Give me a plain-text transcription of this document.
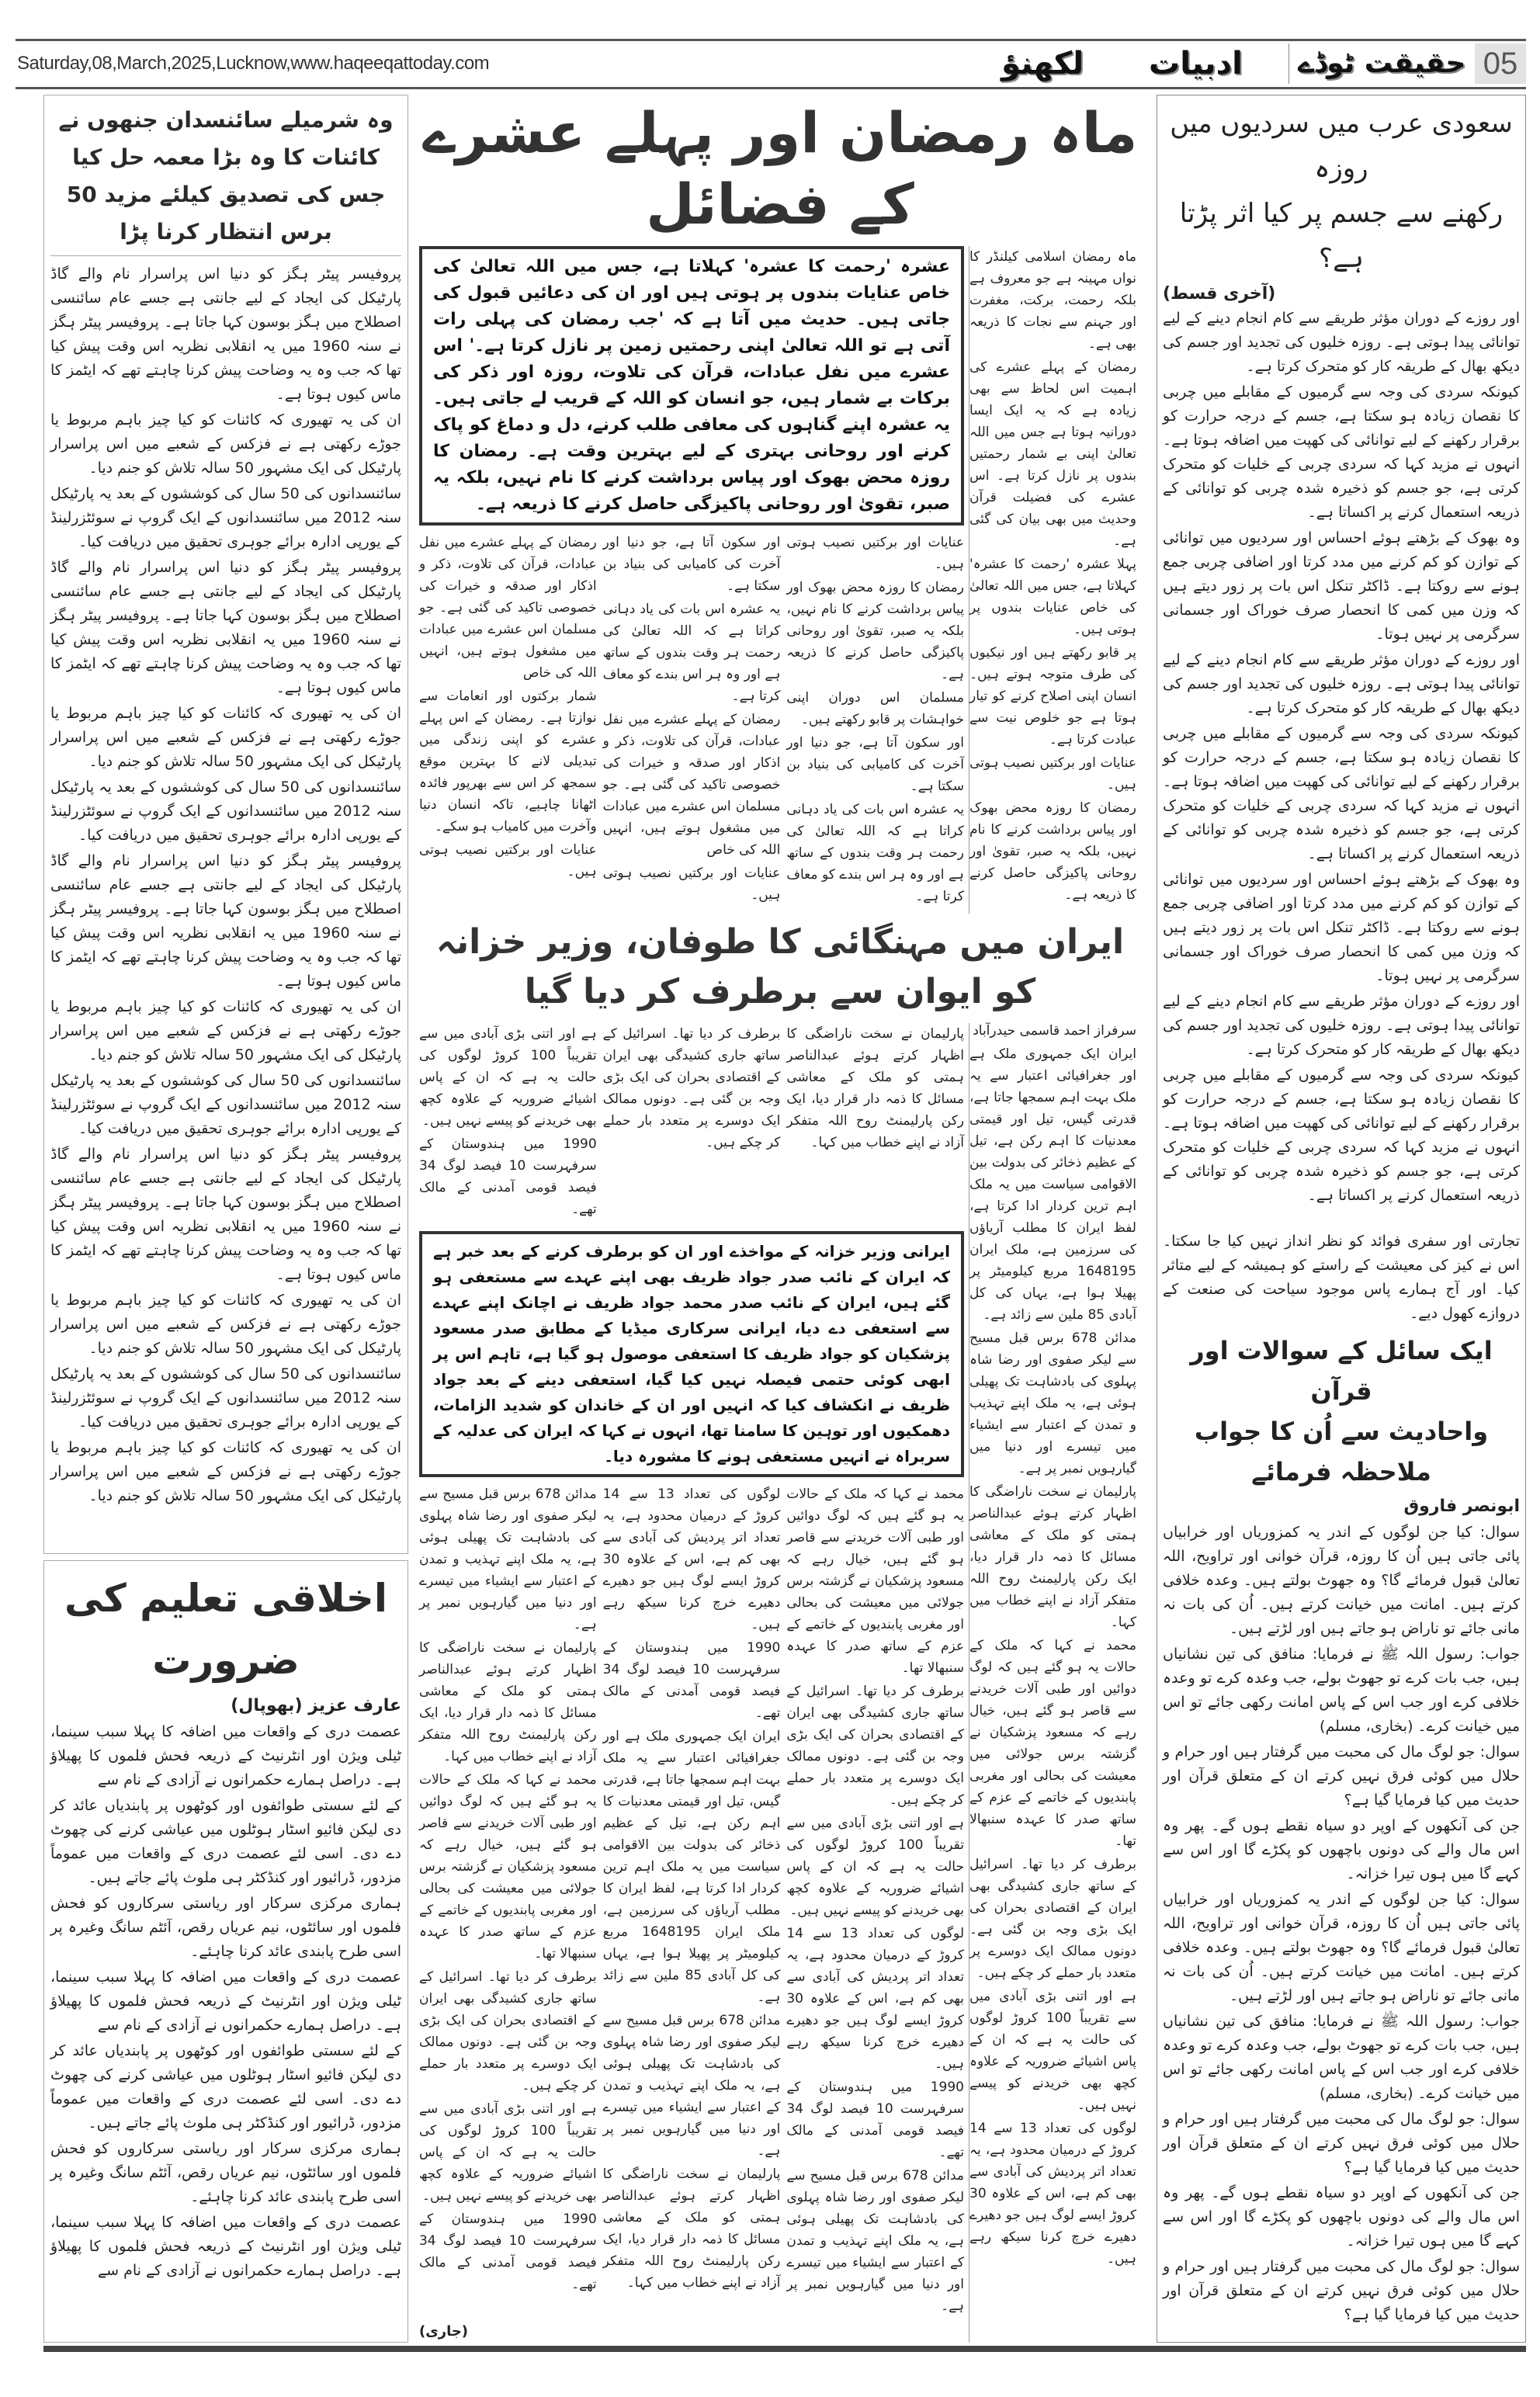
Saturday,08,March,2025,Lucknow,www.haqeeqattoday.com	لکھنؤ ادبیات حقیقت ٹوڈے 05
وہ شرمیلے سائنسدان جنھوں نے کائنات کا وہ بڑا معمہ حل کیا
جس کی تصدیق کیلئے مزید 50 برس انتظار کرنا پڑا

پروفیسر پیٹر ہگز کو دنیا اس پراسرار نام والے گاڈ پارٹیکل کی ایجاد کے لیے جانتی ہے جسے عام سائنسی اصطلاح میں ہگز بوسون کہا جاتا ہے۔ پروفیسر پیٹر ہگز نے سنہ 1960 میں یہ انقلابی نظریہ اس وقت پیش کیا تھا کہ جب وہ یہ وضاحت پیش کرنا چاہتے تھے کہ ایٹمز کا ماس کیوں ہوتا ہے۔

ان کی یہ تھیوری کہ کائنات کو کیا چیز باہم مربوط یا جوڑے رکھتی ہے نے فزکس کے شعبے میں اس پراسرار پارٹیکل کی ایک مشہور 50 سالہ تلاش کو جنم دیا۔

سائنسدانوں کی 50 سال کی کوششوں کے بعد یہ پارٹیکل سنہ 2012 میں سائنسدانوں کے ایک گروپ نے سوئٹزرلینڈ کے یورپی ادارہ برائے جوہری تحقیق میں دریافت کیا۔

پروفیسر پیٹر ہگز کو دنیا اس پراسرار نام والے گاڈ پارٹیکل کی ایجاد کے لیے جانتی ہے جسے عام سائنسی اصطلاح میں ہگز بوسون کہا جاتا ہے۔ پروفیسر پیٹر ہگز نے سنہ 1960 میں یہ انقلابی نظریہ اس وقت پیش کیا تھا کہ جب وہ یہ وضاحت پیش کرنا چاہتے تھے کہ ایٹمز کا ماس کیوں ہوتا ہے۔

ان کی یہ تھیوری کہ کائنات کو کیا چیز باہم مربوط یا جوڑے رکھتی ہے نے فزکس کے شعبے میں اس پراسرار پارٹیکل کی ایک مشہور 50 سالہ تلاش کو جنم دیا۔

سائنسدانوں کی 50 سال کی کوششوں کے بعد یہ پارٹیکل سنہ 2012 میں سائنسدانوں کے ایک گروپ نے سوئٹزرلینڈ کے یورپی ادارہ برائے جوہری تحقیق میں دریافت کیا۔

پروفیسر پیٹر ہگز کو دنیا اس پراسرار نام والے گاڈ پارٹیکل کی ایجاد کے لیے جانتی ہے جسے عام سائنسی اصطلاح میں ہگز بوسون کہا جاتا ہے۔ پروفیسر پیٹر ہگز نے سنہ 1960 میں یہ انقلابی نظریہ اس وقت پیش کیا تھا کہ جب وہ یہ وضاحت پیش کرنا چاہتے تھے کہ ایٹمز کا ماس کیوں ہوتا ہے۔

ان کی یہ تھیوری کہ کائنات کو کیا چیز باہم مربوط یا جوڑے رکھتی ہے نے فزکس کے شعبے میں اس پراسرار پارٹیکل کی ایک مشہور 50 سالہ تلاش کو جنم دیا۔

سائنسدانوں کی 50 سال کی کوششوں کے بعد یہ پارٹیکل سنہ 2012 میں سائنسدانوں کے ایک گروپ نے سوئٹزرلینڈ کے یورپی ادارہ برائے جوہری تحقیق میں دریافت کیا۔

پروفیسر پیٹر ہگز کو دنیا اس پراسرار نام والے گاڈ پارٹیکل کی ایجاد کے لیے جانتی ہے جسے عام سائنسی اصطلاح میں ہگز بوسون کہا جاتا ہے۔ پروفیسر پیٹر ہگز نے سنہ 1960 میں یہ انقلابی نظریہ اس وقت پیش کیا تھا کہ جب وہ یہ وضاحت پیش کرنا چاہتے تھے کہ ایٹمز کا ماس کیوں ہوتا ہے۔

ان کی یہ تھیوری کہ کائنات کو کیا چیز باہم مربوط یا جوڑے رکھتی ہے نے فزکس کے شعبے میں اس پراسرار پارٹیکل کی ایک مشہور 50 سالہ تلاش کو جنم دیا۔

سائنسدانوں کی 50 سال کی کوششوں کے بعد یہ پارٹیکل سنہ 2012 میں سائنسدانوں کے ایک گروپ نے سوئٹزرلینڈ کے یورپی ادارہ برائے جوہری تحقیق میں دریافت کیا۔

ان کی یہ تھیوری کہ کائنات کو کیا چیز باہم مربوط یا جوڑے رکھتی ہے نے فزکس کے شعبے میں اس پراسرار پارٹیکل کی ایک مشہور 50 سالہ تلاش کو جنم دیا۔

اخلاقی تعلیم کی ضرورت
عارف عزیز (بھوپال)

عصمت دری کے واقعات میں اضافہ کا پہلا سبب سینما، ٹیلی ویژن اور انٹرنیٹ کے ذریعہ فحش فلموں کا پھیلاؤ ہے۔ دراصل ہمارے حکمرانوں نے آزادی کے نام سے

کے لئے سستی طوائفوں اور کوٹھوں پر پابندیاں عائد کر دی لیکن فائیو اسٹار ہوٹلوں میں عیاشی کرنے کی چھوٹ دے دی۔ اسی لئے عصمت دری کے واقعات میں عموماً مزدور، ڈرائیور اور کنڈکٹر ہی ملوث پائے جاتے ہیں۔

ہماری مرکزی سرکار اور ریاستی سرکاروں کو فحش فلموں اور سائٹوں، نیم عریاں رقص، آئٹم سانگ وغیرہ پر اسی طرح پابندی عائد کرنا چاہئے۔

عصمت دری کے واقعات میں اضافہ کا پہلا سبب سینما، ٹیلی ویژن اور انٹرنیٹ کے ذریعہ فحش فلموں کا پھیلاؤ ہے۔ دراصل ہمارے حکمرانوں نے آزادی کے نام سے

کے لئے سستی طوائفوں اور کوٹھوں پر پابندیاں عائد کر دی لیکن فائیو اسٹار ہوٹلوں میں عیاشی کرنے کی چھوٹ دے دی۔ اسی لئے عصمت دری کے واقعات میں عموماً مزدور، ڈرائیور اور کنڈکٹر ہی ملوث پائے جاتے ہیں۔

ہماری مرکزی سرکار اور ریاستی سرکاروں کو فحش فلموں اور سائٹوں، نیم عریاں رقص، آئٹم سانگ وغیرہ پر اسی طرح پابندی عائد کرنا چاہئے۔

عصمت دری کے واقعات میں اضافہ کا پہلا سبب سینما، ٹیلی ویژن اور انٹرنیٹ کے ذریعہ فحش فلموں کا پھیلاؤ ہے۔ دراصل ہمارے حکمرانوں نے آزادی کے نام سے

ماہ رمضان اور پہلے عشرے کے فضائل

ماہ رمضان اسلامی کیلنڈر کا نواں مہینہ ہے جو معروف ہے بلکہ رحمت، برکت، مغفرت اور جہنم سے نجات کا ذریعہ بھی ہے۔

رمضان کے پہلے عشرے کی اہمیت اس لحاظ سے بھی زیادہ ہے کہ یہ ایک ایسا دورانیہ ہوتا ہے جس میں اللہ تعالیٰ اپنی بے شمار رحمتیں بندوں پر نازل کرتا ہے۔ اس عشرے کی فضیلت قرآن وحدیث میں بھی بیان کی گئی ہے۔

پہلا عشرہ 'رحمت کا عشرہ' کہلاتا ہے، جس میں اللہ تعالیٰ کی خاص عنایات بندوں پر ہوتی ہیں۔

پر قابو رکھتے ہیں اور نیکیوں کی طرف متوجہ ہوتے ہیں۔ انسان اپنی اصلاح کرنے کو تیار ہوتا ہے جو خلوص نیت سے عبادت کرتا ہے۔

عنایات اور برکتیں نصیب ہوتی ہیں۔

رمضان کا روزہ محض بھوک اور پیاس برداشت کرنے کا نام نہیں، بلکہ یہ صبر، تقویٰ اور روحانی پاکیزگی حاصل کرنے کا ذریعہ ہے۔

عشرہ 'رحمت کا عشرہ' کہلاتا ہے، جس میں اللہ تعالیٰ کی خاص عنایات بندوں پر ہوتی ہیں اور ان کی دعائیں قبول کی جاتی ہیں۔ حدیث میں آتا ہے کہ 'جب رمضان کی پہلی رات آتی ہے تو اللہ تعالیٰ اپنی رحمتیں زمین پر نازل کرتا ہے۔' اس عشرے میں نفل عبادات، قرآن کی تلاوت، روزہ اور ذکر کی برکات بے شمار ہیں، جو انسان کو اللہ کے قریب لے جاتی ہیں۔ یہ عشرہ اپنے گناہوں کی معافی طلب کرنے، دل و دماغ کو پاک کرنے اور روحانی بہتری کے لیے بہترین وقت ہے۔ رمضان کا روزہ محض بھوک اور پیاس برداشت کرنے کا نام نہیں، بلکہ یہ صبر، تقویٰ اور روحانی پاکیزگی حاصل کرنے کا ذریعہ ہے۔

عنایات اور برکتیں نصیب ہوتی ہیں۔

رمضان کا روزہ محض بھوک اور پیاس برداشت کرنے کا نام نہیں، بلکہ یہ صبر، تقویٰ اور روحانی پاکیزگی حاصل کرنے کا ذریعہ ہے۔

مسلمان اس دوران اپنی خواہشات پر قابو رکھتے ہیں۔

اور سکون آتا ہے، جو دنیا اور آخرت کی کامیابی کی بنیاد بن سکتا ہے۔

یہ عشرہ اس بات کی یاد دہانی کراتا ہے کہ اللہ تعالیٰ کی رحمت ہر وقت بندوں کے ساتھ ہے اور وہ ہر اس بندے کو معاف کرتا ہے۔

اور سکون آتا ہے، جو دنیا اور آخرت کی کامیابی کی بنیاد بن سکتا ہے۔

یہ عشرہ اس بات کی یاد دہانی کراتا ہے کہ اللہ تعالیٰ کی رحمت ہر وقت بندوں کے ساتھ ہے اور وہ ہر اس بندے کو معاف کرتا ہے۔

رمضان کے پہلے عشرے میں نفل عبادات، قرآن کی تلاوت، ذکر و اذکار اور صدقہ و خیرات کی خصوصی تاکید کی گئی ہے۔ جو مسلمان اس عشرے میں عبادات میں مشغول ہوتے ہیں، انہیں اللہ کی خاص

عنایات اور برکتیں نصیب ہوتی ہیں۔

رمضان کے پہلے عشرے میں نفل عبادات، قرآن کی تلاوت، ذکر و اذکار اور صدقہ و خیرات کی خصوصی تاکید کی گئی ہے۔ جو مسلمان اس عشرے میں عبادات میں مشغول ہوتے ہیں، انہیں اللہ کی خاص

شمار برکتوں اور انعامات سے نوازتا ہے۔ رمضان کے اس پہلے عشرے کو اپنی زندگی میں تبدیلی لانے کا بہترین موقع سمجھ کر اس سے بھرپور فائدہ اٹھانا چاہیے، تاکہ انسان دنیا وآخرت میں کامیاب ہو سکے۔

عنایات اور برکتیں نصیب ہوتی ہیں۔

ایران میں مہنگائی کا طوفان، وزیر خزانہ کو ایوان سے برطرف کر دیا گیا
سرفراز احمد قاسمی حیدرآباد

ایران ایک جمہوری ملک ہے اور جغرافیائی اعتبار سے یہ ملک بہت اہم سمجھا جاتا ہے، قدرتی گیس، تیل اور قیمتی معدنیات کا اہم رکن ہے، تیل کے عظیم ذخائر کی بدولت بین الاقوامی سیاست میں یہ ملک اہم ترین کردار ادا کرتا ہے، لفظ ایران کا مطلب آریاؤں کی سرزمین ہے، ملک ایران 1648195 مربع کیلومیٹر پر پھیلا ہوا ہے، یہاں کی کل آبادی 85 ملین سے زائد ہے۔

مدائن 678 برس قبل مسیح سے لیکر صفوی اور رضا شاہ پہلوی کی بادشاہت تک پھیلی ہوئی ہے، یہ ملک اپنے تہذیب و تمدن کے اعتبار سے ایشیاء میں تیسرے اور دنیا میں گیارہویں نمبر پر ہے۔

پارلیمان نے سخت ناراضگی کا اظہار کرتے ہوئے عبدالناصر ہمتی کو ملک کے معاشی مسائل کا ذمہ دار قرار دیا، ایک رکن پارلیمنٹ روح اللہ متفکر آزاد نے اپنے خطاب میں کہا۔

محمد نے کہا کہ ملک کے حالات یہ ہو گئے ہیں کہ لوگ دوائیں اور طبی آلات خریدنے سے قاصر ہو گئے ہیں، خیال رہے کہ مسعود پزشکیان نے گزشتہ برس جولائی میں معیشت کی بحالی اور مغربی پابندیوں کے خاتمے کے عزم کے ساتھ صدر کا عہدہ سنبھالا تھا۔

برطرف کر دیا تھا۔ اسرائیل کے ساتھ جاری کشیدگی بھی ایران کے اقتصادی بحران کی ایک بڑی وجہ بن گئی ہے۔ دونوں ممالک ایک دوسرے پر متعدد بار حملے کر چکے ہیں۔

ہے اور اتنی بڑی آبادی میں سے تقریباً 100 کروڑ لوگوں کی حالت یہ ہے کہ ان کے پاس اشیائے ضروریہ کے علاوہ کچھ بھی خریدنے کو پیسے نہیں ہیں۔

لوگوں کی تعداد 13 سے 14 کروڑ کے درمیان محدود ہے، یہ تعداد اتر پردیش کی آبادی سے بھی کم ہے، اس کے علاوہ 30 کروڑ ایسے لوگ ہیں جو دھیرے دھیرے خرچ کرنا سیکھ رہے ہیں۔

پارلیمان نے سخت ناراضگی کا اظہار کرتے ہوئے عبدالناصر ہمتی کو ملک کے معاشی مسائل کا ذمہ دار قرار دیا، ایک رکن پارلیمنٹ روح اللہ متفکر آزاد نے اپنے خطاب میں کہا۔

برطرف کر دیا تھا۔ اسرائیل کے ساتھ جاری کشیدگی بھی ایران کے اقتصادی بحران کی ایک بڑی وجہ بن گئی ہے۔ دونوں ممالک ایک دوسرے پر متعدد بار حملے کر چکے ہیں۔

ہے اور اتنی بڑی آبادی میں سے تقریباً 100 کروڑ لوگوں کی حالت یہ ہے کہ ان کے پاس اشیائے ضروریہ کے علاوہ کچھ بھی خریدنے کو پیسے نہیں ہیں۔

1990 میں ہندوستان کے سرفہرست 10 فیصد لوگ 34 فیصد قومی آمدنی کے مالک تھے۔

ایرانی وزیر خزانہ کے مواخذے اور ان کو برطرف کرنے کے بعد خبر ہے کہ ایران کے نائب صدر جواد ظریف بھی اپنے عہدے سے مستعفی ہو گئے ہیں، ایران کے نائب صدر محمد جواد ظریف نے اچانک اپنے عہدے سے استعفی دے دیا، ایرانی سرکاری میڈیا کے مطابق صدر مسعود پزشکیان کو جواد ظریف کا استعفی موصول ہو گیا ہے، تاہم اس پر ابھی کوئی حتمی فیصلہ نہیں کیا گیا، استعفی دینے کے بعد جواد ظریف نے انکشاف کیا کہ انہیں اور ان کے خاندان کو شدید الزامات، دھمکیوں اور توہین کا سامنا تھا، انہوں نے کہا کہ ایران کی عدلیہ کے سربراہ نے انہیں مستعفی ہونے کا مشورہ دیا۔

محمد نے کہا کہ ملک کے حالات یہ ہو گئے ہیں کہ لوگ دوائیں اور طبی آلات خریدنے سے قاصر ہو گئے ہیں، خیال رہے کہ مسعود پزشکیان نے گزشتہ برس جولائی میں معیشت کی بحالی اور مغربی پابندیوں کے خاتمے کے عزم کے ساتھ صدر کا عہدہ سنبھالا تھا۔

برطرف کر دیا تھا۔ اسرائیل کے ساتھ جاری کشیدگی بھی ایران کے اقتصادی بحران کی ایک بڑی وجہ بن گئی ہے۔ دونوں ممالک ایک دوسرے پر متعدد بار حملے کر چکے ہیں۔

ہے اور اتنی بڑی آبادی میں سے تقریباً 100 کروڑ لوگوں کی حالت یہ ہے کہ ان کے پاس اشیائے ضروریہ کے علاوہ کچھ بھی خریدنے کو پیسے نہیں ہیں۔

لوگوں کی تعداد 13 سے 14 کروڑ کے درمیان محدود ہے، یہ تعداد اتر پردیش کی آبادی سے بھی کم ہے، اس کے علاوہ 30 کروڑ ایسے لوگ ہیں جو دھیرے دھیرے خرچ کرنا سیکھ رہے ہیں۔

1990 میں ہندوستان کے سرفہرست 10 فیصد لوگ 34 فیصد قومی آمدنی کے مالک تھے۔

مدائن 678 برس قبل مسیح سے لیکر صفوی اور رضا شاہ پہلوی کی بادشاہت تک پھیلی ہوئی ہے، یہ ملک اپنے تہذیب و تمدن کے اعتبار سے ایشیاء میں تیسرے اور دنیا میں گیارہویں نمبر پر ہے۔

لوگوں کی تعداد 13 سے 14 کروڑ کے درمیان محدود ہے، یہ تعداد اتر پردیش کی آبادی سے بھی کم ہے، اس کے علاوہ 30 کروڑ ایسے لوگ ہیں جو دھیرے دھیرے خرچ کرنا سیکھ رہے ہیں۔

1990 میں ہندوستان کے سرفہرست 10 فیصد لوگ 34 فیصد قومی آمدنی کے مالک تھے۔

ایران ایک جمہوری ملک ہے اور جغرافیائی اعتبار سے یہ ملک بہت اہم سمجھا جاتا ہے، قدرتی گیس، تیل اور قیمتی معدنیات کا اہم رکن ہے، تیل کے عظیم ذخائر کی بدولت بین الاقوامی سیاست میں یہ ملک اہم ترین کردار ادا کرتا ہے، لفظ ایران کا مطلب آریاؤں کی سرزمین ہے، ملک ایران 1648195 مربع کیلومیٹر پر پھیلا ہوا ہے، یہاں کی کل آبادی 85 ملین سے زائد ہے۔

مدائن 678 برس قبل مسیح سے لیکر صفوی اور رضا شاہ پہلوی کی بادشاہت تک پھیلی ہوئی ہے، یہ ملک اپنے تہذیب و تمدن کے اعتبار سے ایشیاء میں تیسرے اور دنیا میں گیارہویں نمبر پر ہے۔

پارلیمان نے سخت ناراضگی کا اظہار کرتے ہوئے عبدالناصر ہمتی کو ملک کے معاشی مسائل کا ذمہ دار قرار دیا، ایک رکن پارلیمنٹ روح اللہ متفکر آزاد نے اپنے خطاب میں کہا۔

مدائن 678 برس قبل مسیح سے لیکر صفوی اور رضا شاہ پہلوی کی بادشاہت تک پھیلی ہوئی ہے، یہ ملک اپنے تہذیب و تمدن کے اعتبار سے ایشیاء میں تیسرے اور دنیا میں گیارہویں نمبر پر ہے۔

پارلیمان نے سخت ناراضگی کا اظہار کرتے ہوئے عبدالناصر ہمتی کو ملک کے معاشی مسائل کا ذمہ دار قرار دیا، ایک رکن پارلیمنٹ روح اللہ متفکر آزاد نے اپنے خطاب میں کہا۔

محمد نے کہا کہ ملک کے حالات یہ ہو گئے ہیں کہ لوگ دوائیں اور طبی آلات خریدنے سے قاصر ہو گئے ہیں، خیال رہے کہ مسعود پزشکیان نے گزشتہ برس جولائی میں معیشت کی بحالی اور مغربی پابندیوں کے خاتمے کے عزم کے ساتھ صدر کا عہدہ سنبھالا تھا۔

برطرف کر دیا تھا۔ اسرائیل کے ساتھ جاری کشیدگی بھی ایران کے اقتصادی بحران کی ایک بڑی وجہ بن گئی ہے۔ دونوں ممالک ایک دوسرے پر متعدد بار حملے کر چکے ہیں۔

ہے اور اتنی بڑی آبادی میں سے تقریباً 100 کروڑ لوگوں کی حالت یہ ہے کہ ان کے پاس اشیائے ضروریہ کے علاوہ کچھ بھی خریدنے کو پیسے نہیں ہیں۔

1990 میں ہندوستان کے سرفہرست 10 فیصد لوگ 34 فیصد قومی آمدنی کے مالک تھے۔

(جاری)
سعودی عرب میں سردیوں میں روزہ
رکھنے سے جسم پر کیا اثر پڑتا ہے؟
(آخری قسط)

اور روزے کے دوران مؤثر طریقے سے کام انجام دینے کے لیے توانائی پیدا ہوتی ہے۔ روزہ خلیوں کی تجدید اور جسم کی دیکھ بھال کے طریقہ کار کو متحرک کرتا ہے۔

کیونکہ سردی کی وجہ سے گرمیوں کے مقابلے میں چربی کا نقصان زیادہ ہو سکتا ہے، جسم کے درجہ حرارت کو برقرار رکھنے کے لیے توانائی کی کھپت میں اضافہ ہوتا ہے۔ انہوں نے مزید کہا کہ سردی چربی کے خلیات کو متحرک کرتی ہے، جو جسم کو ذخیرہ شدہ چربی کو توانائی کے ذریعہ استعمال کرنے پر اکساتا ہے۔

وہ بھوک کے بڑھتے ہوئے احساس اور سردیوں میں توانائی کے توازن کو کم کرنے میں مدد کرتا اور اضافی چربی جمع ہونے سے روکتا ہے۔ ڈاکٹر تنکل اس بات پر زور دیتے ہیں کہ وزن میں کمی کا انحصار صرف خوراک اور جسمانی سرگرمی پر نہیں ہوتا۔

اور روزے کے دوران مؤثر طریقے سے کام انجام دینے کے لیے توانائی پیدا ہوتی ہے۔ روزہ خلیوں کی تجدید اور جسم کی دیکھ بھال کے طریقہ کار کو متحرک کرتا ہے۔

کیونکہ سردی کی وجہ سے گرمیوں کے مقابلے میں چربی کا نقصان زیادہ ہو سکتا ہے، جسم کے درجہ حرارت کو برقرار رکھنے کے لیے توانائی کی کھپت میں اضافہ ہوتا ہے۔ انہوں نے مزید کہا کہ سردی چربی کے خلیات کو متحرک کرتی ہے، جو جسم کو ذخیرہ شدہ چربی کو توانائی کے ذریعہ استعمال کرنے پر اکساتا ہے۔

وہ بھوک کے بڑھتے ہوئے احساس اور سردیوں میں توانائی کے توازن کو کم کرنے میں مدد کرتا اور اضافی چربی جمع ہونے سے روکتا ہے۔ ڈاکٹر تنکل اس بات پر زور دیتے ہیں کہ وزن میں کمی کا انحصار صرف خوراک اور جسمانی سرگرمی پر نہیں ہوتا۔

اور روزے کے دوران مؤثر طریقے سے کام انجام دینے کے لیے توانائی پیدا ہوتی ہے۔ روزہ خلیوں کی تجدید اور جسم کی دیکھ بھال کے طریقہ کار کو متحرک کرتا ہے۔

کیونکہ سردی کی وجہ سے گرمیوں کے مقابلے میں چربی کا نقصان زیادہ ہو سکتا ہے، جسم کے درجہ حرارت کو برقرار رکھنے کے لیے توانائی کی کھپت میں اضافہ ہوتا ہے۔ انہوں نے مزید کہا کہ سردی چربی کے خلیات کو متحرک کرتی ہے، جو جسم کو ذخیرہ شدہ چربی کو توانائی کے ذریعہ استعمال کرنے پر اکساتا ہے۔

تجارتی اور سفری فوائد کو نظر انداز نہیں کیا جا سکتا۔ اس نے کیز کی معیشت کے راستے کو ہمیشہ کے لیے متاثر کیا۔ اور آج ہمارے پاس موجود سیاحت کی صنعت کے دروازے کھول دیے۔
ایک سائل کے سوالات اور قرآن
واحادیث سے اُن کا جواب ملاحظہ فرمائے
ابونصر فاروق

سوال: کیا جن لوگوں کے اندر یہ کمزوریاں اور خرابیاں پائی جاتی ہیں اُن کا روزہ، قرآن خوانی اور تراویح، اللہ تعالیٰ قبول فرمائے گا؟ وہ جھوٹ بولتے ہیں۔ وعدہ خلافی کرتے ہیں۔ امانت میں خیانت کرتے ہیں۔ اُن کی بات نہ مانی جائے تو ناراض ہو جاتے ہیں اور لڑتے ہیں۔

جواب: رسول اللہ ﷺ نے فرمایا: منافق کی تین نشانیاں ہیں، جب بات کرے تو جھوٹ بولے، جب وعدہ کرے تو وعدہ خلافی کرے اور جب اس کے پاس امانت رکھی جائے تو اس میں خیانت کرے۔ (بخاری، مسلم)

سوال: جو لوگ مال کی محبت میں گرفتار ہیں اور حرام و حلال میں کوئی فرق نہیں کرتے ان کے متعلق قرآن اور حدیث میں کیا فرمایا گیا ہے؟

جن کی آنکھوں کے اوپر دو سیاہ نقطے ہوں گے۔ پھر وہ اس مال والے کی دونوں باچھوں کو پکڑے گا اور اس سے کہے گا میں ہوں تیرا خزانہ۔

سوال: کیا جن لوگوں کے اندر یہ کمزوریاں اور خرابیاں پائی جاتی ہیں اُن کا روزہ، قرآن خوانی اور تراویح، اللہ تعالیٰ قبول فرمائے گا؟ وہ جھوٹ بولتے ہیں۔ وعدہ خلافی کرتے ہیں۔ امانت میں خیانت کرتے ہیں۔ اُن کی بات نہ مانی جائے تو ناراض ہو جاتے ہیں اور لڑتے ہیں۔

جواب: رسول اللہ ﷺ نے فرمایا: منافق کی تین نشانیاں ہیں، جب بات کرے تو جھوٹ بولے، جب وعدہ کرے تو وعدہ خلافی کرے اور جب اس کے پاس امانت رکھی جائے تو اس میں خیانت کرے۔ (بخاری، مسلم)

سوال: جو لوگ مال کی محبت میں گرفتار ہیں اور حرام و حلال میں کوئی فرق نہیں کرتے ان کے متعلق قرآن اور حدیث میں کیا فرمایا گیا ہے؟

جن کی آنکھوں کے اوپر دو سیاہ نقطے ہوں گے۔ پھر وہ اس مال والے کی دونوں باچھوں کو پکڑے گا اور اس سے کہے گا میں ہوں تیرا خزانہ۔

سوال: جو لوگ مال کی محبت میں گرفتار ہیں اور حرام و حلال میں کوئی فرق نہیں کرتے ان کے متعلق قرآن اور حدیث میں کیا فرمایا گیا ہے؟
